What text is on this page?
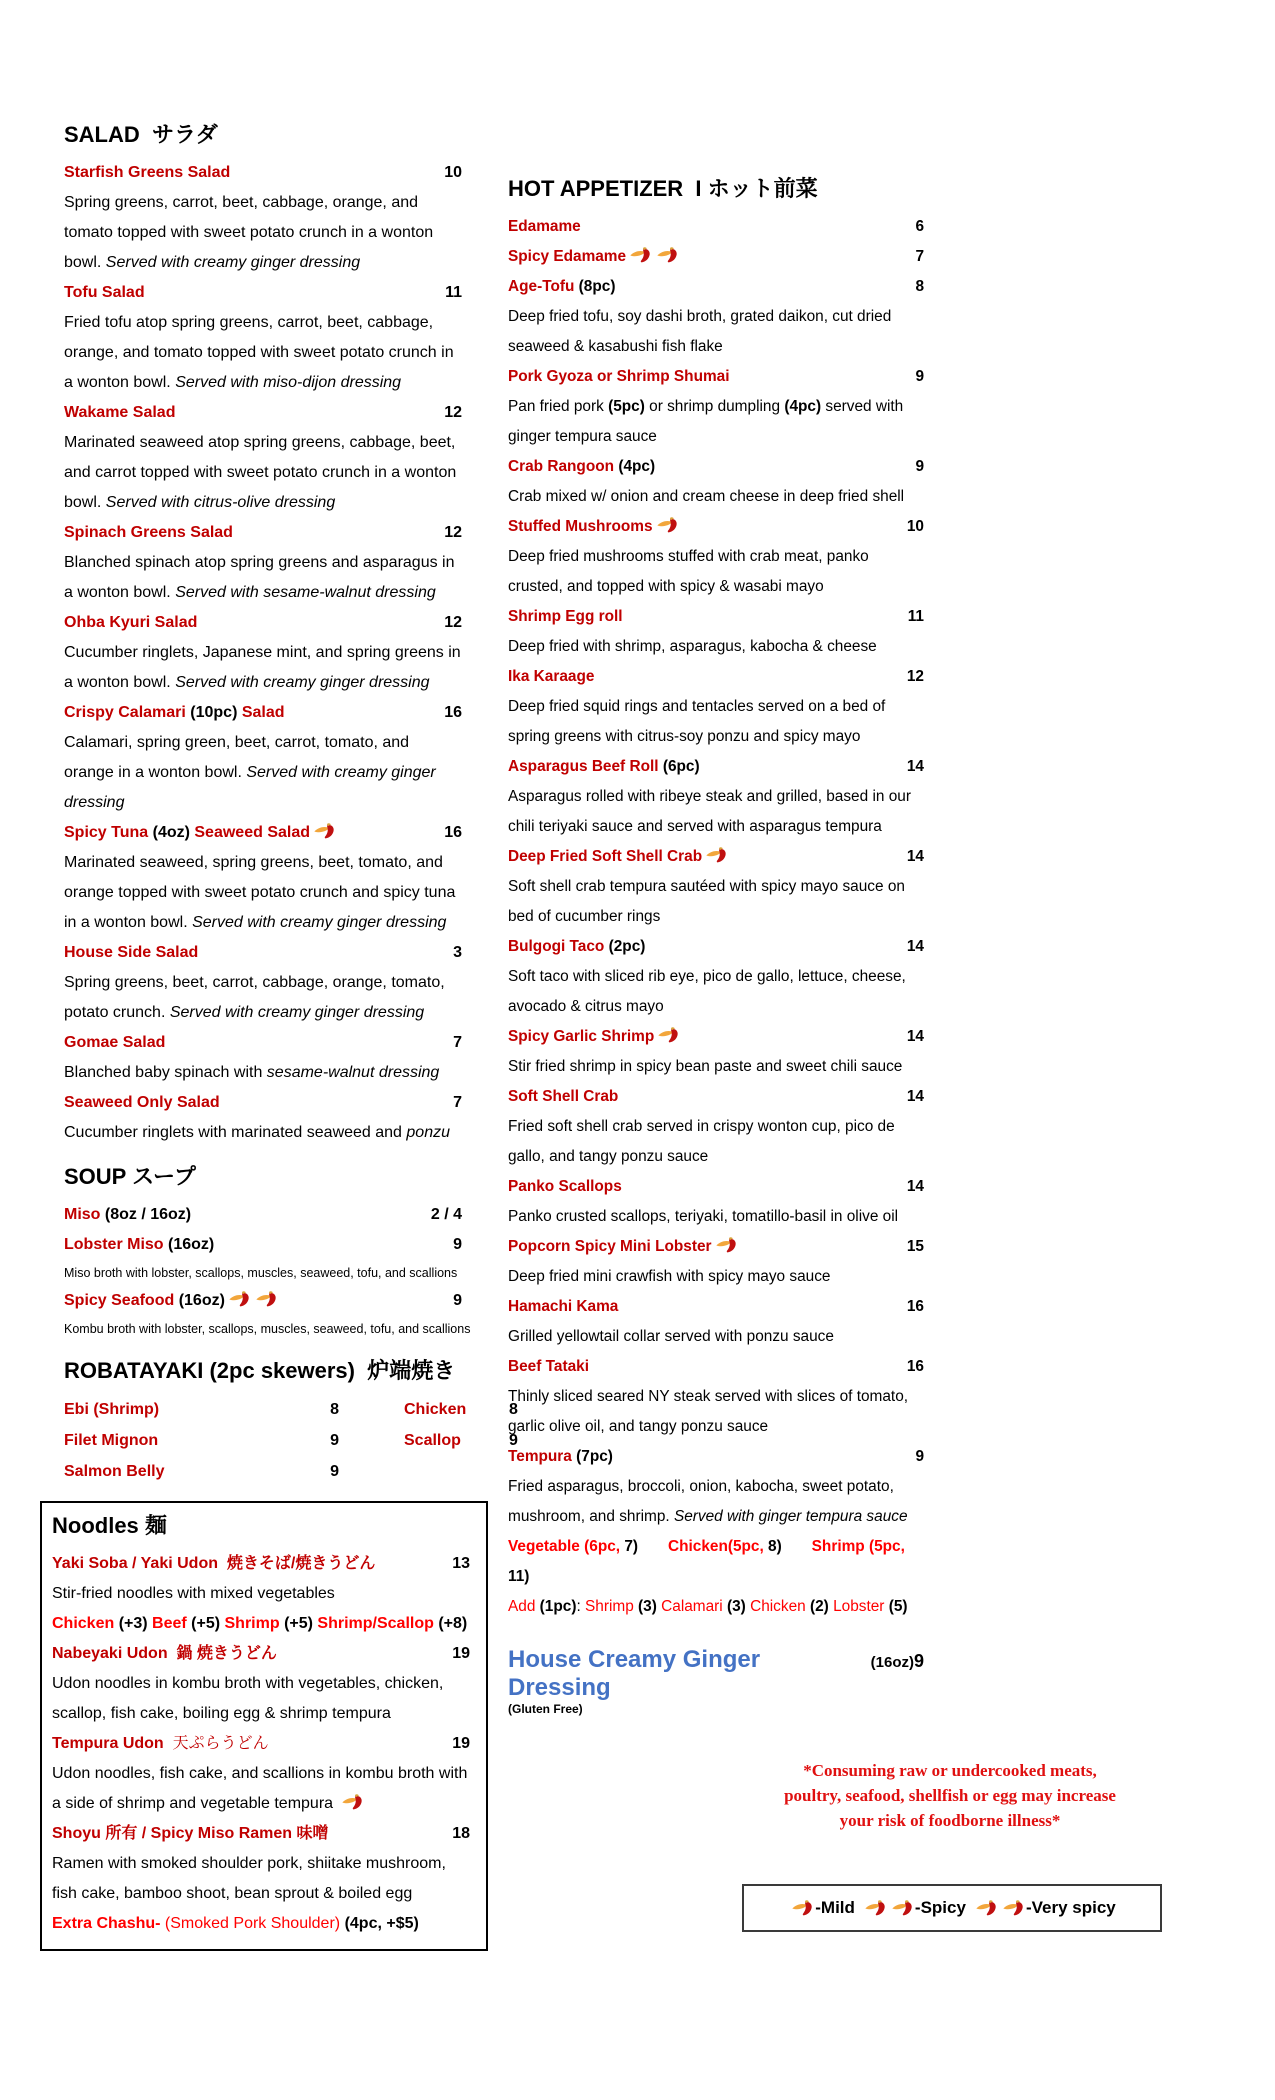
SALAD  サラダ
Starfish Greens Salad	10
Spring greens, carrot, beet, cabbage, orange, and tomato topped with sweet potato crunch in a wonton bowl. Served with creamy ginger dressing
Tofu Salad	11
Fried tofu atop spring greens, carrot, beet, cabbage, orange, and tomato topped with sweet potato crunch in a wonton bowl. Served with miso-dijon dressing
Wakame Salad	12
Marinated seaweed atop spring greens, cabbage, beet, and carrot topped with sweet potato crunch in a wonton bowl. Served with citrus-olive dressing
Spinach Greens Salad	12
Blanched spinach atop spring greens and asparagus in a wonton bowl. Served with sesame-walnut dressing
Ohba Kyuri Salad	12
Cucumber ringlets, Japanese mint, and spring greens in a wonton bowl. Served with creamy ginger dressing
Crispy Calamari (10pc) Salad	16
Calamari, spring green, beet, carrot, tomato, and orange in a wonton bowl. Served with creamy ginger dressing
Spicy Tuna (4oz) Seaweed Salad	16
Marinated seaweed, spring greens, beet, tomato, and orange topped with sweet potato crunch and spicy tuna in a wonton bowl. Served with creamy ginger dressing
House Side Salad	3
Spring greens, beet, carrot, cabbage, orange, tomato, potato crunch. Served with creamy ginger dressing
Gomae Salad	7
Blanched baby spinach with sesame-walnut dressing
Seaweed Only Salad	7
Cucumber ringlets with marinated seaweed and ponzu
SOUP スープ
Miso (8oz / 16oz)	2 / 4
Lobster Miso (16oz)	9
Miso broth with lobster, scallops, muscles, seaweed, tofu, and scallions
Spicy Seafood (16oz)	9
Kombu broth with lobster, scallops, muscles, seaweed, tofu, and scallions
ROBATAYAKI (2pc skewers)  炉端焼き
Ebi (Shrimp)	8	Chicken	8
Filet Mignon	9	Scallop	9
Salmon Belly	9
Noodles 麺
Yaki Soba / Yaki Udon  焼きそば/焼きうどん	13
Stir-fried noodles with mixed vegetables
Chicken (+3) Beef (+5) Shrimp (+5) Shrimp/Scallop (+8)
Nabeyaki Udon  鍋 焼きうどん	19
Udon noodles in kombu broth with vegetables, chicken, scallop, fish cake, boiling egg & shrimp tempura
Tempura Udon  天ぷらうどん	19
Udon noodles, fish cake, and scallions in kombu broth with a side of shrimp and vegetable tempura
Shoyu 所有 / Spicy Miso Ramen 味噌	18
Ramen with smoked shoulder pork, shiitake mushroom, fish cake, bamboo shoot, bean sprout & boiled egg
Extra Chashu- (Smoked Pork Shoulder) (4pc, +$5)
HOT APPETIZER  I ホット前菜
Edamame	6
Spicy Edamame	7
Age-Tofu (8pc)	8
Deep fried tofu, soy dashi broth, grated daikon, cut dried seaweed & kasabushi fish flake
Pork Gyoza or Shrimp Shumai	9
Pan fried pork (5pc) or shrimp dumpling (4pc) served with ginger tempura sauce
Crab Rangoon (4pc)	9
Crab mixed w/ onion and cream cheese in deep fried shell
Stuffed Mushrooms	10
Deep fried mushrooms stuffed with crab meat, panko crusted, and topped with spicy & wasabi mayo
Shrimp Egg roll	11
Deep fried with shrimp, asparagus, kabocha & cheese
Ika Karaage	12
Deep fried squid rings and tentacles served on a bed of spring greens with citrus-soy ponzu and spicy mayo
Asparagus Beef Roll (6pc)	14
Asparagus rolled with ribeye steak and grilled, based in our chili teriyaki sauce and served with asparagus tempura
Deep Fried Soft Shell Crab	14
Soft shell crab tempura sautéed with spicy mayo sauce on bed of cucumber rings
Bulgogi Taco (2pc)	14
Soft taco with sliced rib eye, pico de gallo, lettuce, cheese, avocado & citrus mayo
Spicy Garlic Shrimp	14
Stir fried shrimp in spicy bean paste and sweet chili sauce
Soft Shell Crab	14
Fried soft shell crab served in crispy wonton cup, pico de gallo, and tangy ponzu sauce
Panko Scallops	14
Panko crusted scallops, teriyaki, tomatillo-basil in olive oil
Popcorn Spicy Mini Lobster	15
Deep fried mini crawfish with spicy mayo sauce
Hamachi Kama	16
Grilled yellowtail collar served with ponzu sauce
Beef Tataki	16
Thinly sliced seared NY steak served with slices of tomato, garlic olive oil, and tangy ponzu sauce
Tempura (7pc)	9
Fried asparagus, broccoli, onion, kabocha, sweet potato, mushroom, and shrimp. Served with ginger tempura sauce
Vegetable (6pc, 7) Chicken(5pc, 8) Shrimp (5pc, 11)
Add (1pc): Shrimp (3) Calamari (3) Chicken (2) Lobster (5)
House Creamy Ginger Dressing
(16oz) 9
(Gluten Free)
*Consuming raw or undercooked meats,
poultry, seafood, shellfish or egg may increase
your risk of foodborne illness*
-Mild	-Spicy	-Very spicy
